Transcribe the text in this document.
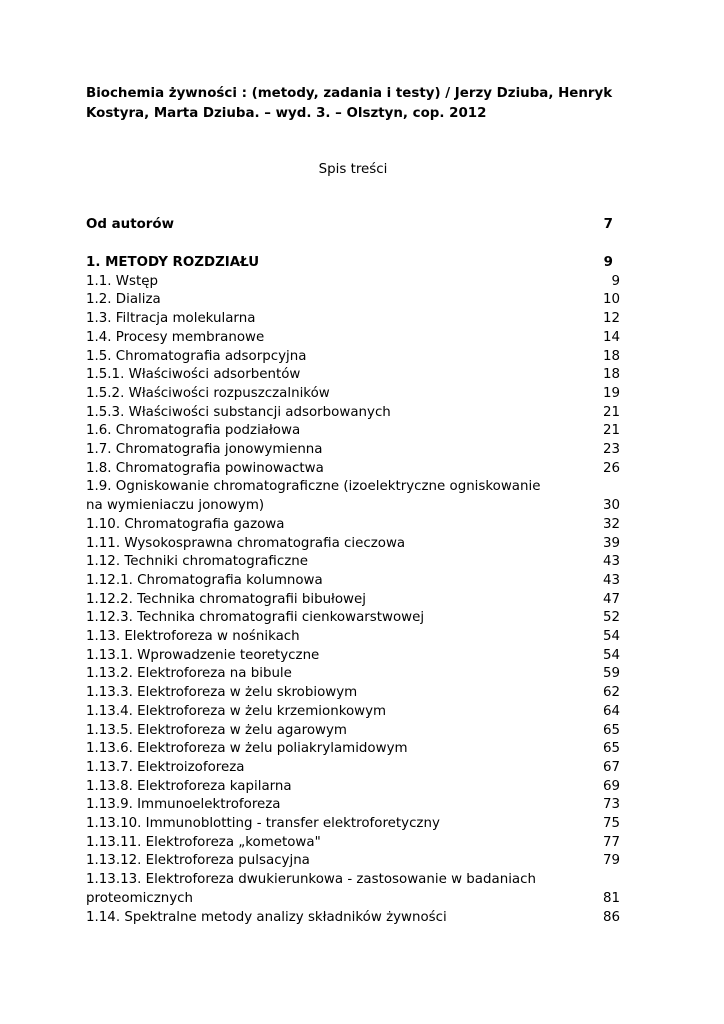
Biochemia żywności : (metody, zadania i testy) / Jerzy Dziuba, Henryk Kostyra, Marta Dziuba. – wyd. 3. – Olsztyn, cop. 2012

Spis treści
Od autorów	7
1. METODY ROZDZIAŁU	9
1.1. Wstęp	9
1.2. Dializa	10
1.3. Filtracja molekularna	12
1.4. Procesy membranowe	14
1.5. Chromatografia adsorpcyjna	18
1.5.1. Właściwości adsorbentów	18
1.5.2. Właściwości rozpuszczalników	19
1.5.3. Właściwości substancji adsorbowanych	21
1.6. Chromatografia podziałowa	21
1.7. Chromatografia jonowymienna	23
1.8. Chromatografia powinowactwa	26
1.9. Ogniskowanie chromatograficzne (izoelektryczne ogniskowanie na wymieniaczu jonowym)	30
1.10. Chromatografia gazowa	32
1.11. Wysokosprawna chromatografia cieczowa	39
1.12. Techniki chromatograficzne	43
1.12.1. Chromatografia kolumnowa	43
1.12.2. Technika chromatografii bibułowej	47
1.12.3. Technika chromatografii cienkowarstwowej	52
1.13. Elektroforeza w nośnikach	54
1.13.1. Wprowadzenie teoretyczne	54
1.13.2. Elektroforeza na bibule	59
1.13.3. Elektroforeza w żelu skrobiowym	62
1.13.4. Elektroforeza w żelu krzemionkowym	64
1.13.5. Elektroforeza w żelu agarowym	65
1.13.6. Elektroforeza w żelu poliakrylamidowym	65
1.13.7. Elektroizoforeza	67
1.13.8. Elektroforeza kapilarna	69
1.13.9. Immunoelektroforeza	73
1.13.10. Immunoblotting - transfer elektroforetyczny	75
1.13.11. Elektroforeza „kometowa"	77
1.13.12. Elektroforeza pulsacyjna	79
1.13.13. Elektroforeza dwukierunkowa - zastosowanie w badaniach proteomicznych	81
1.14. Spektralne metody analizy składników żywności	86
